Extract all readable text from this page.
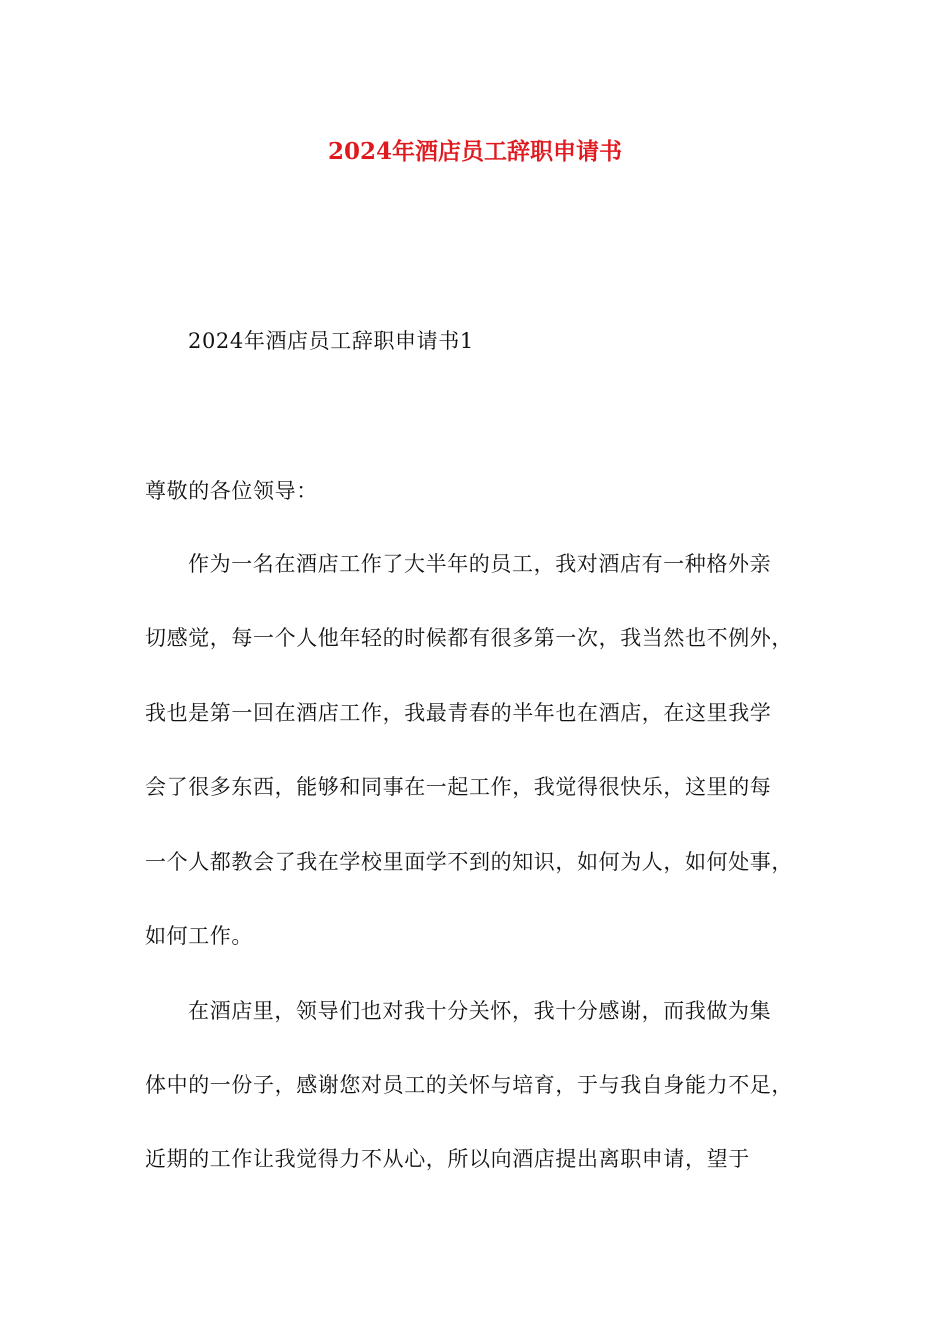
2024年酒店员工辞职申请书
2024年酒店员工辞职申请书1
尊敬的各位领导：
作为一名在酒店工作了大半年的员工，我对酒店有一种格外亲
切感觉，每一个人他年轻的时候都有很多第一次，我当然也不例外，
我也是第一回在酒店工作，我最青春的半年也在酒店，在这里我学
会了很多东西，能够和同事在一起工作，我觉得很快乐，这里的每
一个人都教会了我在学校里面学不到的知识，如何为人，如何处事，
如何工作。
在酒店里，领导们也对我十分关怀，我十分感谢，而我做为集
体中的一份子，感谢您对员工的关怀与培育，于与我自身能力不足，
近期的工作让我觉得力不从心，所以向酒店提出离职申请，望于
